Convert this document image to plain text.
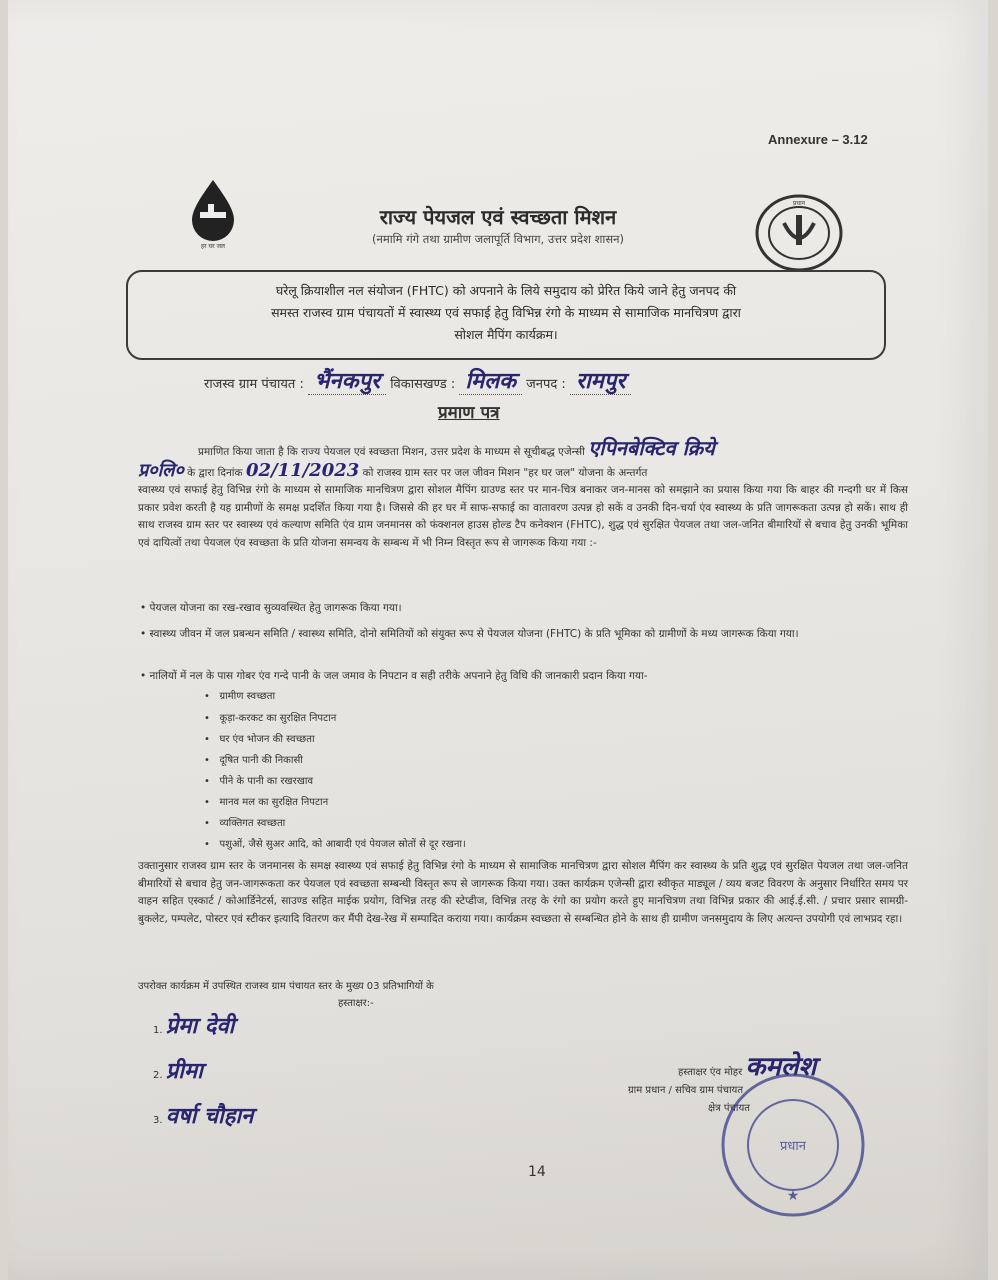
Annexure – 3.12
हर घर जल
राज्य पेयजल एवं स्वच्छता मिशन
(नमामि गंगे तथा ग्रामीण जलापूर्ति विभाग, उत्तर प्रदेश शासन)
प्रधान
घरेलू क्रियाशील नल संयोजन (FHTC) को अपनाने के लिये समुदाय को प्रेरित किये जाने हेतु जनपद की
समस्त राजस्व ग्राम पंचायतों में स्वास्थ्य एवं सफाई हेतु विभिन्न रंगो के माध्यम से सामाजिक मानचित्रण द्वारा
सोशल मैपिंग कार्यक्रम।
राजस्व ग्राम पंचायत : भैंनकपुर विकासखण्ड : मिलक जनपद : रामपुर
प्रमाण पत्र
प्रमाणित किया जाता है कि राज्य पेयजल एवं स्वच्छता मिशन, उत्तर प्रदेश के माध्यम से सूचीबद्ध एजेन्सी एपिनबेक्टिव क्रिये
प्र०लि० के द्वारा दिनांक 02/11/2023 को राजस्व ग्राम स्तर पर जल जीवन मिशन "हर घर जल" योजना के अन्तर्गत
स्वास्थ्य एवं सफाई हेतु विभिन्न रंगो के माध्यम से सामाजिक मानचित्रण द्वारा सोशल मैपिंग ग्राउण्ड स्तर पर मान-चित्र बनाकर जन-मानस को समझाने का प्रयास किया गया कि बाहर की गन्दगी घर में किस प्रकार प्रवेश करती है यह ग्रामीणों के समक्ष प्रदर्शित किया गया है। जिससे की हर घर में साफ-सफाई का वातावरण उत्पन्न हो सकें व उनकी दिन-चर्या एंव स्वास्थ्य के प्रति जागरूकता उत्पन्न हो सकें। साथ ही साथ राजस्व ग्राम स्तर पर स्वास्थ्य एवं कल्याण समिति एंव ग्राम जनमानस को फंक्शनल हाउस होल्ड टैप कनेक्शन (FHTC), शुद्ध एवं सुरक्षित पेयजल तथा जल-जनित बीमारियों से बचाव हेतु उनकी भूमिका एवं दायित्वों तथा पेयजल एंव स्वच्छता के प्रति योजना समन्वय के सम्बन्ध में भी निम्न विस्तृत रूप से जागरूक किया गया :-
• पेयजल योजना का रख-रखाव सुव्यवस्थित हेतु जागरूक किया गया।
• स्वास्थ्य जीवन में जल प्रबन्धन समिति / स्वास्थ्य समिति, दोनो समितियों को संयुक्त रूप से पेयजल योजना (FHTC) के प्रति भूमिका को ग्रामीणों के मध्य जागरूक किया गया।
• नालियों में नल के पास गोबर एंव गन्दे पानी के जल जमाव के निपटान व सही तरीके अपनाने हेतु विधि की जानकारी प्रदान किया गया-
•   ग्रामीण स्वच्छता
•   कूड़ा-करकट का सुरक्षित निपटान
•   घर एंव भोजन की स्वच्छता
•   दूषित पानी की निकासी
•   पीने के पानी का रखरखाव
•   मानव मल का सुरक्षित निपटान
•   व्यक्तिगत स्वच्छता
•   पशुओं, जैसे सुअर आदि, को आबादी एवं पेयजल स्रोतों से दूर रखना।
उक्तानुसार राजस्व ग्राम स्तर के जनमानस के समक्ष स्वास्थ्य एवं सफाई हेतु विभिन्न रंगो के माध्यम से सामाजिक मानचित्रण द्वारा सोशल मैपिंग कर स्वास्थ्य के प्रति शुद्ध एवं सुरक्षित पेयजल तथा जल-जनित बीमारियों से बचाव हेतु जन-जागरूकता कर पेयजल एवं स्वच्छता सम्बन्धी विस्तृत रूप से जागरूक किया गया। उक्त कार्यक्रम एजेन्सी द्वारा स्वीकृत माड्यूल / व्यय बजट विवरण के अनुसार निर्धारित समय पर वाहन सहित एस्कार्ट / कोआर्डिनेटर्स, साउण्ड सहित माईक प्रयोग, विभिन्न तरह की स्टेप्डीज, विभिन्न तरह के रंगो का प्रयोग करते हुए मानचित्रण तथा विभिन्न प्रकार की आई.ई.सी. / प्रचार प्रसार सामग्री-बुकलेट, पम्पलेट, पोस्टर एवं स्टीकर इत्यादि वितरण कर मैंपी देख-रेख में सम्पादित कराया गया। कार्यक्रम स्वच्छता से सम्बन्धित होने के साथ ही ग्रामीण जनसमुदाय के लिए अत्यन्त उपयोगी एवं लाभप्रद रहा।
उपरोक्त कार्यक्रम में उपस्थित राजस्व ग्राम पंचायत स्तर के मुख्य 03 प्रतिभागियों के
हस्ताक्षर:-
1. प्रेमा देवी
2. प्रीमा
3. वर्षा चौहान
हस्ताक्षर एंव मोहर कमलेश
ग्राम प्रधान / सचिव ग्राम पंचायत
क्षेत्र पंचायत
प्रधान
★
14
